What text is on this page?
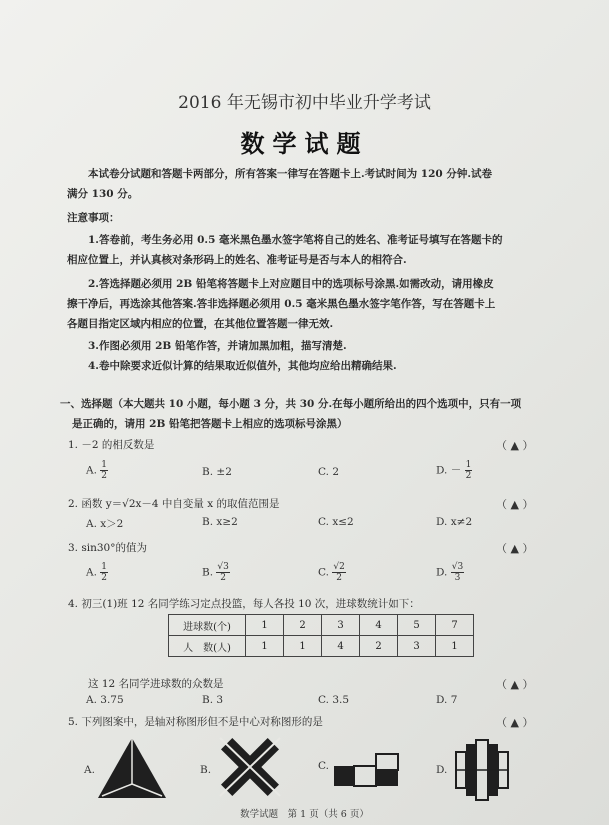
2016 年无锡市初中毕业升学考试
数学试题
本试卷分试题和答题卡两部分，所有答案一律写在答题卡上.考试时间为 120 分钟.试卷
满分 130 分。
注意事项：
1.答卷前，考生务必用 0.5 毫米黑色墨水签字笔将自己的姓名、准考证号填写在答题卡的
相应位置上，并认真核对条形码上的姓名、准考证号是否与本人的相符合.
2.答选择题必须用 2B 铅笔将答题卡上对应题目中的选项标号涂黑.如需改动，请用橡皮
擦干净后，再选涂其他答案.答非选择题必须用 0.5 毫米黑色墨水签字笔作答，写在答题卡上
各题目指定区域内相应的位置，在其他位置答题一律无效.
3.作图必须用 2B 铅笔作答，并请加黑加粗，描写清楚.
4.卷中除要求近似计算的结果取近似值外，其他均应给出精确结果.
一、选择题（本大题共 10 小题，每小题 3 分，共 30 分.在每小题所给出的四个选项中，只有一项
是正确的，请用 2B 铅笔把答题卡上相应的选项标号涂黑）
1. －2 的相反数是	（ ▲ ）
A. $\frac{1}{2}$	B. ±2	C. 2	D. － $\frac{1}{2}$
2. 函数 y＝√2x－4 中自变量 x 的取值范围是	（ ▲ ）
A. x＞2	B. x≥2	C. x≤2	D. x≠2
3. sin30°的值为	（ ▲ ）
A. $\frac{1}{2}$	B. $\frac{√3}{2}$	C. $\frac{√2}{2}$	D. $\frac{√3}{3}$
4. 初三(1)班 12 名同学练习定点投篮，每人各投 10 次，进球数统计如下：
进球数(个)	1	2	3	4	5	7
人　数(人)	1	1	4	2	3	1
这 12 名同学进球数的众数是	（ ▲ ）
A. 3.75	B. 3	C. 3.5	D. 7
5. 下列图案中，是轴对称图形但不是中心对称图形的是	（ ▲ ）
A.	B.	C.	D.
数学试题　第 1 页（共 6 页）
